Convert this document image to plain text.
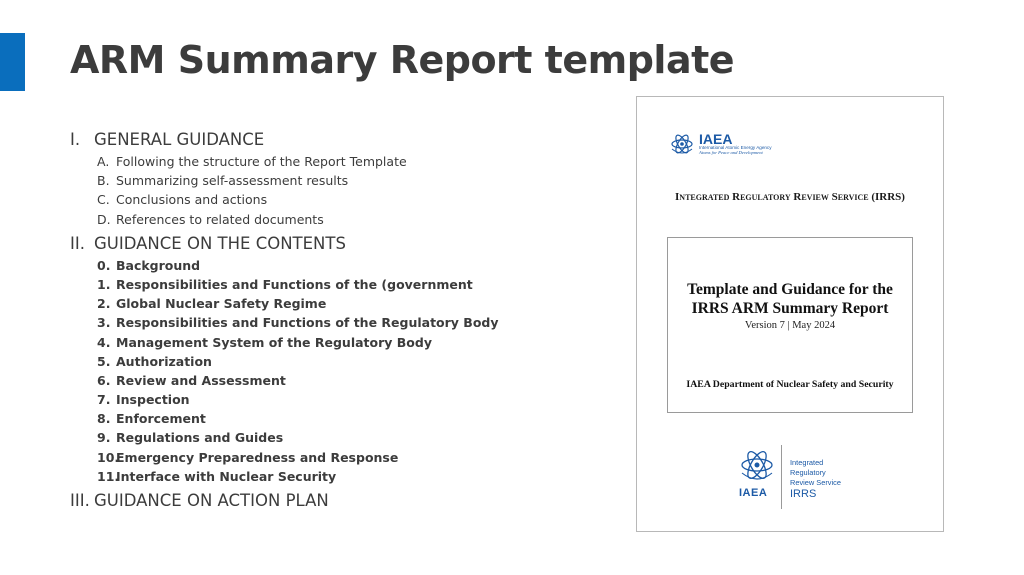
ARM Summary Report template
I. GENERAL GUIDANCE
A. Following the structure of the Report Template
B. Summarizing self-assessment results
C. Conclusions and actions
D. References to related documents
II. GUIDANCE ON THE CONTENTS
0. Background
1. Responsibilities and Functions of the (government
2. Global Nuclear Safety Regime
3. Responsibilities and Functions of the Regulatory Body
4. Management System of the Regulatory Body
5. Authorization
6. Review and Assessment
7. Inspection
8. Enforcement
9. Regulations and Guides
10.
Emergency Preparedness and Response
11.
Interface with Nuclear Security
III. GUIDANCE ON ACTION PLAN
IAEA
International Atomic Energy Agency
Atoms for Peace and Development
Integrated Regulatory Review Service (IRRS)
Template and Guidance for the
IRRS ARM Summary Report
Version 7 | May 2024
IAEA Department of Nuclear Safety and Security
IAEA
Integrated
Regulatory
Review Service
IRRS
